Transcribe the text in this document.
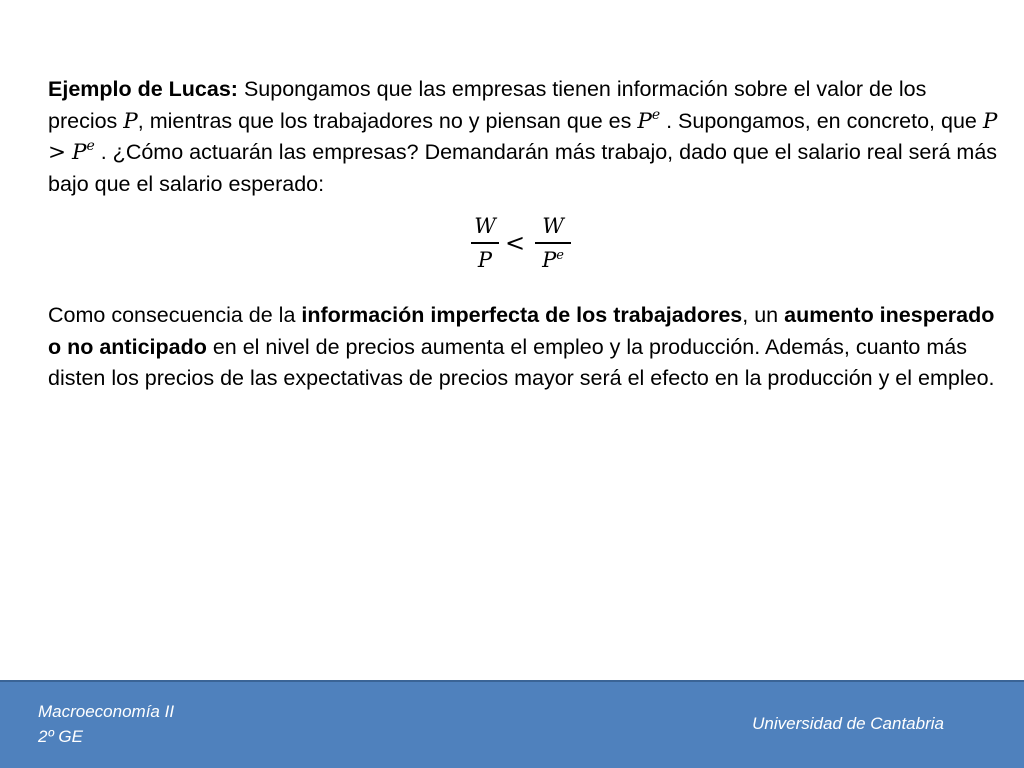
Ejemplo de Lucas: Supongamos que las empresas tienen información sobre el valor de los precios P, mientras que los trabajadores no y piensan que es $P^e$ . Supongamos, en concreto, que $P > P^e$ . ¿Cómo actuarán las empresas? Demandarán más trabajo, dado que el salario real será más bajo que el salario esperado:

W
P
<
W
$P^e$

Como consecuencia de la información imperfecta de los trabajadores, un aumento inesperado o no anticipado en el nivel de precios aumenta el empleo y la producción. Además, cuanto más disten los precios de las expectativas de precios mayor será el efecto en la producción y el empleo.

Macroeconomía II
2º GE
Universidad de Cantabria
